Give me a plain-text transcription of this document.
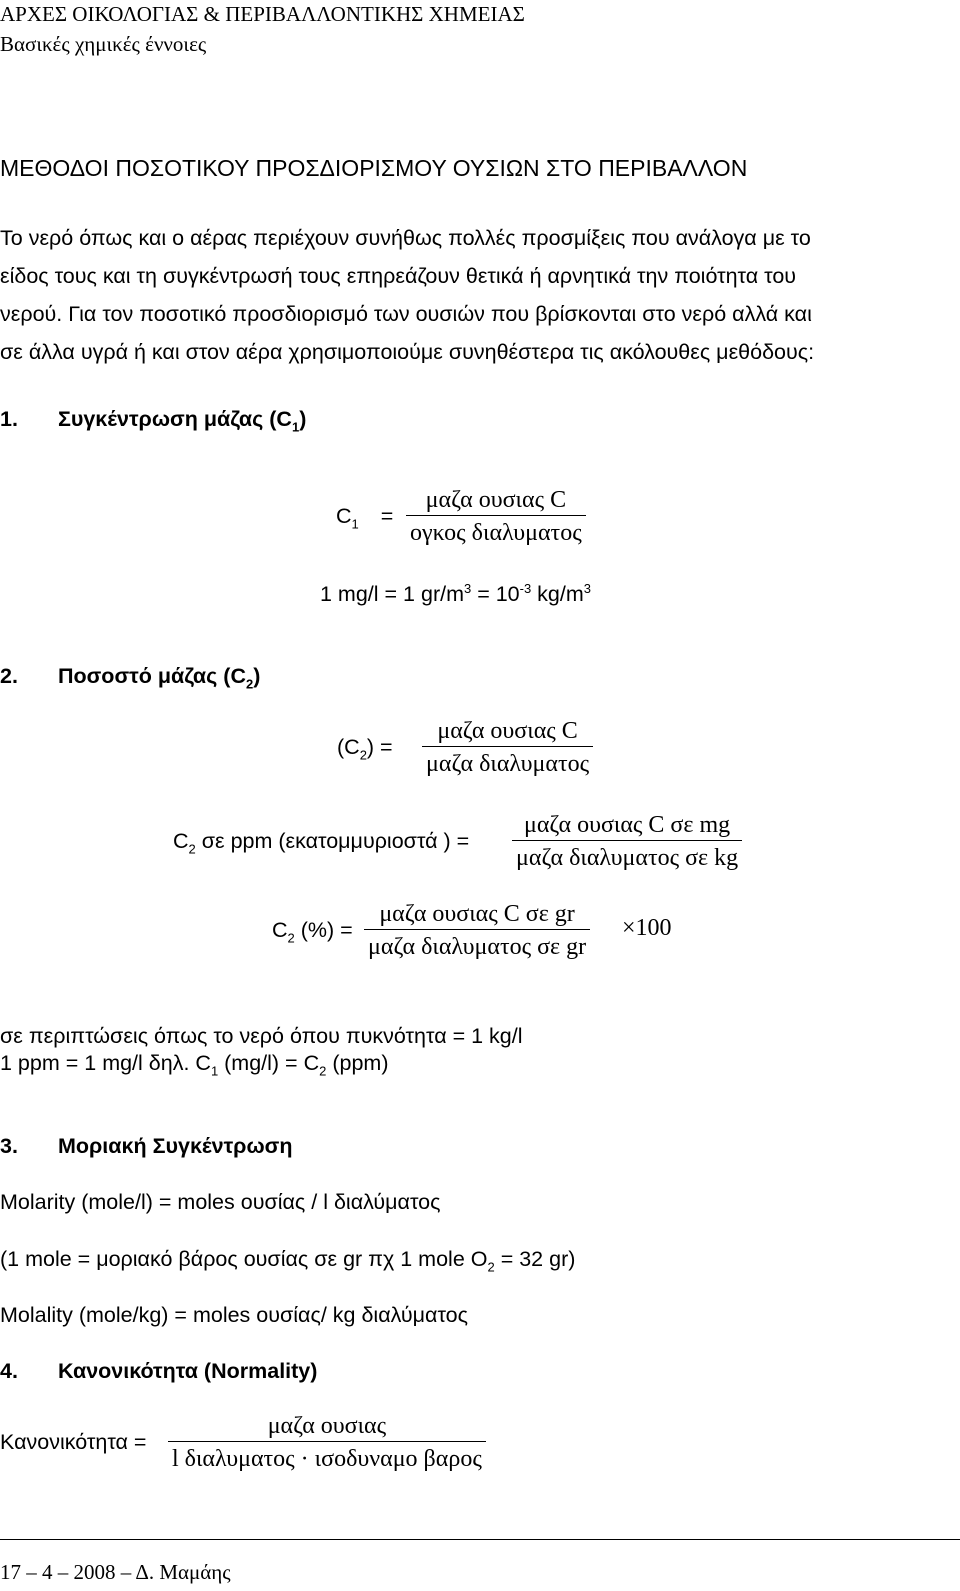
ΑΡΧΕΣ ΟΙΚΟΛΟΓΙΑΣ & ΠΕΡΙΒΑΛΛΟΝΤΙΚΗΣ ΧΗΜΕΙΑΣ
Βασικές χημικές έννοιες
ΜΕΘΟΔΟΙ ΠΟΣΟΤΙΚΟΥ ΠΡΟΣΔΙΟΡΙΣΜΟΥ ΟΥΣΙΩΝ ΣΤΟ ΠΕΡΙΒΑΛΛΟΝ
Το νερό όπως και ο αέρας περιέχουν συνήθως πολλές προσμίξεις που ανάλογα με το
είδος τους και τη συγκέντρωσή τους επηρεάζουν θετικά ή αρνητικά την ποιότητα του
νερού. Για τον ποσοτικό προσδιορισμό των ουσιών που βρίσκονται στο νερό αλλά και
σε άλλα υγρά ή και στον αέρα χρησιμοποιούμε συνηθέστερα τις ακόλουθες μεθόδους:
1. Συγκέντρωση μάζας $(C_1)$
$C_1$ =
μαζα ουσιας C
ογκος διαλυματος
1 mg/l = 1 $gr/m^3 = 10^{-3}$ $kg/m^3$
2. Ποσοστό μάζας $(C_2)$
$(C_2)$ =
μαζα ουσιας C
μαζα διαλυματος
$C_2$ σε ppm (εκατομμυριοστά ) =
μαζα ουσιας C σε mg
μαζα διαλυματος σε kg
$C_2$ (%) =
μαζα ουσιας C σε gr
μαζα διαλυματος σε gr
×100
σε περιπτώσεις όπως το νερό όπου πυκνότητα = 1 kg/l
1 ppm = 1 mg/l δηλ. $C_1$ $(mg/l) = C_2$ (ppm)
3. Μοριακή Συγκέντρωση
Molarity (mole/l) = moles ουσίας / l διαλύματος
(1 mole = μοριακό βάρος ουσίας σε gr πχ 1 mole $O_2 = 32$ gr)
Molality (mole/kg) = moles ουσίας/ kg διαλύματος
4. Κανονικότητα (Normality)
Κανονικότητα =
μαζα ουσιας
l διαλυματος · ισοδυναμο βαρος
17 – 4 – 2008 – Δ. Μαμάης
